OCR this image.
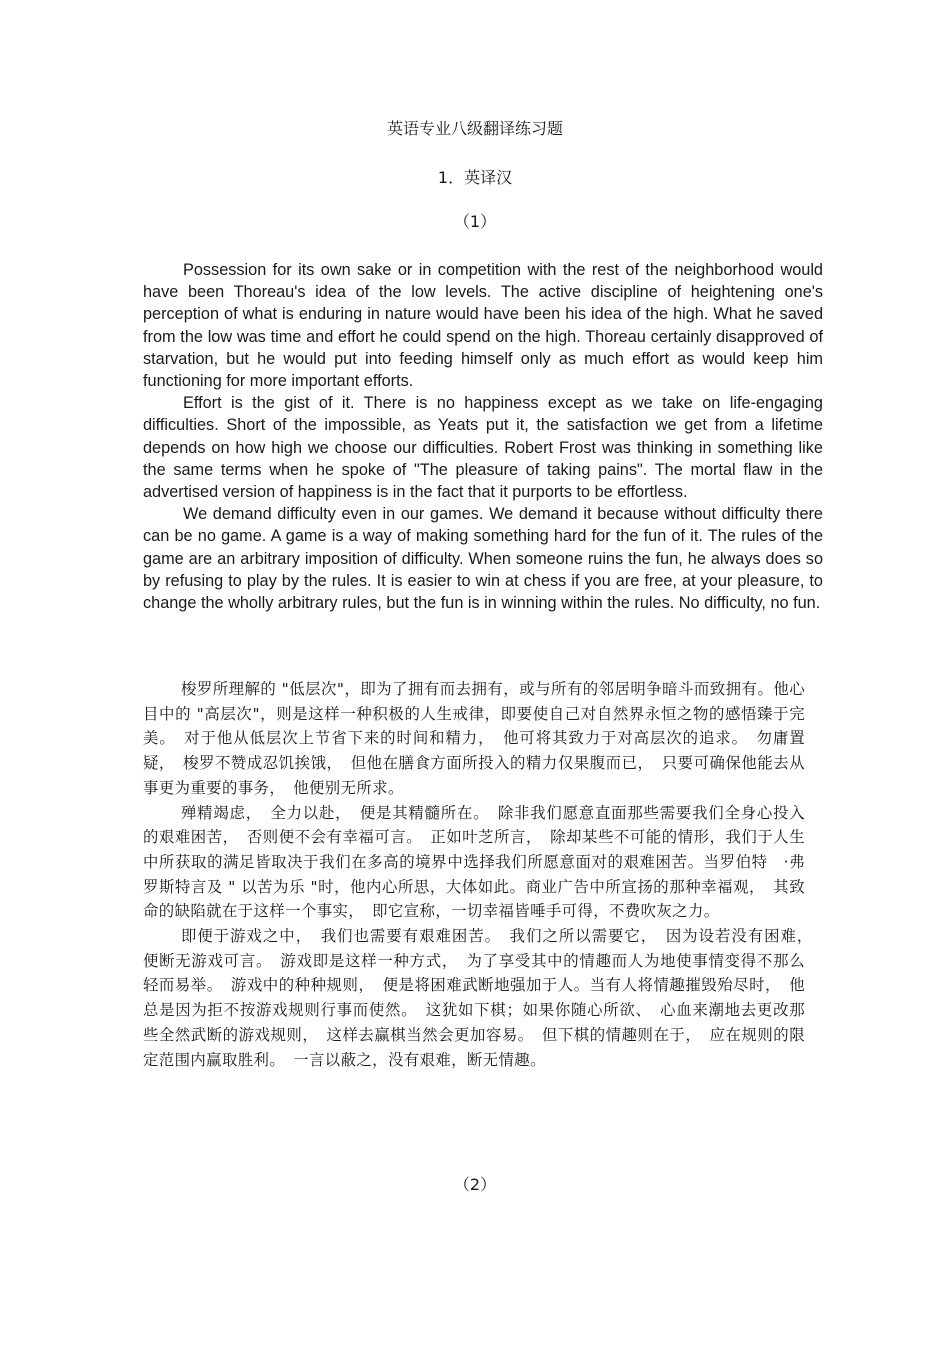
英语专业八级翻译练习题
1．英译汉
（1）

Possession for its own sake or in competition with the rest of the neighborhood would have been Thoreau's idea of the low levels. The active discipline of heightening one's perception of what is enduring in nature would have been his idea of the high. What he saved from the low was time and effort he could spend on the high. Thoreau certainly disapproved of starvation, but he would put into feeding himself only as much effort as would keep him functioning for more important efforts.

Effort is the gist of it. There is no happiness except as we take on life-engaging difficulties. Short of the impossible, as Yeats put it, the satisfaction we get from a lifetime depends on how high we choose our difficulties. Robert Frost was thinking in something like the same terms when he spoke of "The pleasure of taking pains". The mortal flaw in the advertised version of happiness is in the fact that it purports to be effortless.

We demand difficulty even in our games. We demand it because without difficulty there can be no game. A game is a way of making something hard for the fun of it. The rules of the game are an arbitrary imposition of difficulty. When someone ruins the fun, he always does so by refusing to play by the rules. It is easier to win at chess if you are free, at your pleasure, to change the wholly arbitrary rules, but the fun is in winning within the rules. No difficulty, no fun.

梭罗所理解的 "低层次"，即为了拥有而去拥有，或与所有的邻居明争暗斗而致拥有。他心目中的 "高层次"，则是这样一种积极的人生戒律，即要使自己对自然界永恒之物的感悟臻于完美。　对于他从低层次上节省下来的时间和精力，　他可将其致力于对高层次的追求。　勿庸置疑，　梭罗不赞成忍饥挨饿，　但他在膳食方面所投入的精力仅果腹而已，　只要可确保他能去从事更为重要的事务，　他便别无所求。

殚精竭虑，　全力以赴，　便是其精髓所在。　除非我们愿意直面那些需要我们全身心投入的艰难困苦，　否则便不会有幸福可言。　正如叶芝所言，　除却某些不可能的情形，我们于人生中所获取的满足皆取决于我们在多高的境界中选择我们所愿意面对的艰难困苦。当罗伯特　·弗罗斯特言及 " 以苦为乐 "时，他内心所思，大体如此。商业广告中所宣扬的那种幸福观，　其致命的缺陷就在于这样一个事实，　即它宣称，一切幸福皆唾手可得，不费吹灰之力。

即便于游戏之中，　我们也需要有艰难困苦。　我们之所以需要它，　因为设若没有困难，　便断无游戏可言。　游戏即是这样一种方式，　为了享受其中的情趣而人为地使事情变得不那么轻而易举。　游戏中的种种规则，　便是将困难武断地强加于人。当有人将情趣摧毁殆尽时，　他总是因为拒不按游戏规则行事而使然。　这犹如下棋；如果你随心所欲、　心血来潮地去更改那些全然武断的游戏规则，　这样去赢棋当然会更加容易。　但下棋的情趣则在于，　应在规则的限定范围内赢取胜利。　一言以蔽之，没有艰难，断无情趣。

（2）
